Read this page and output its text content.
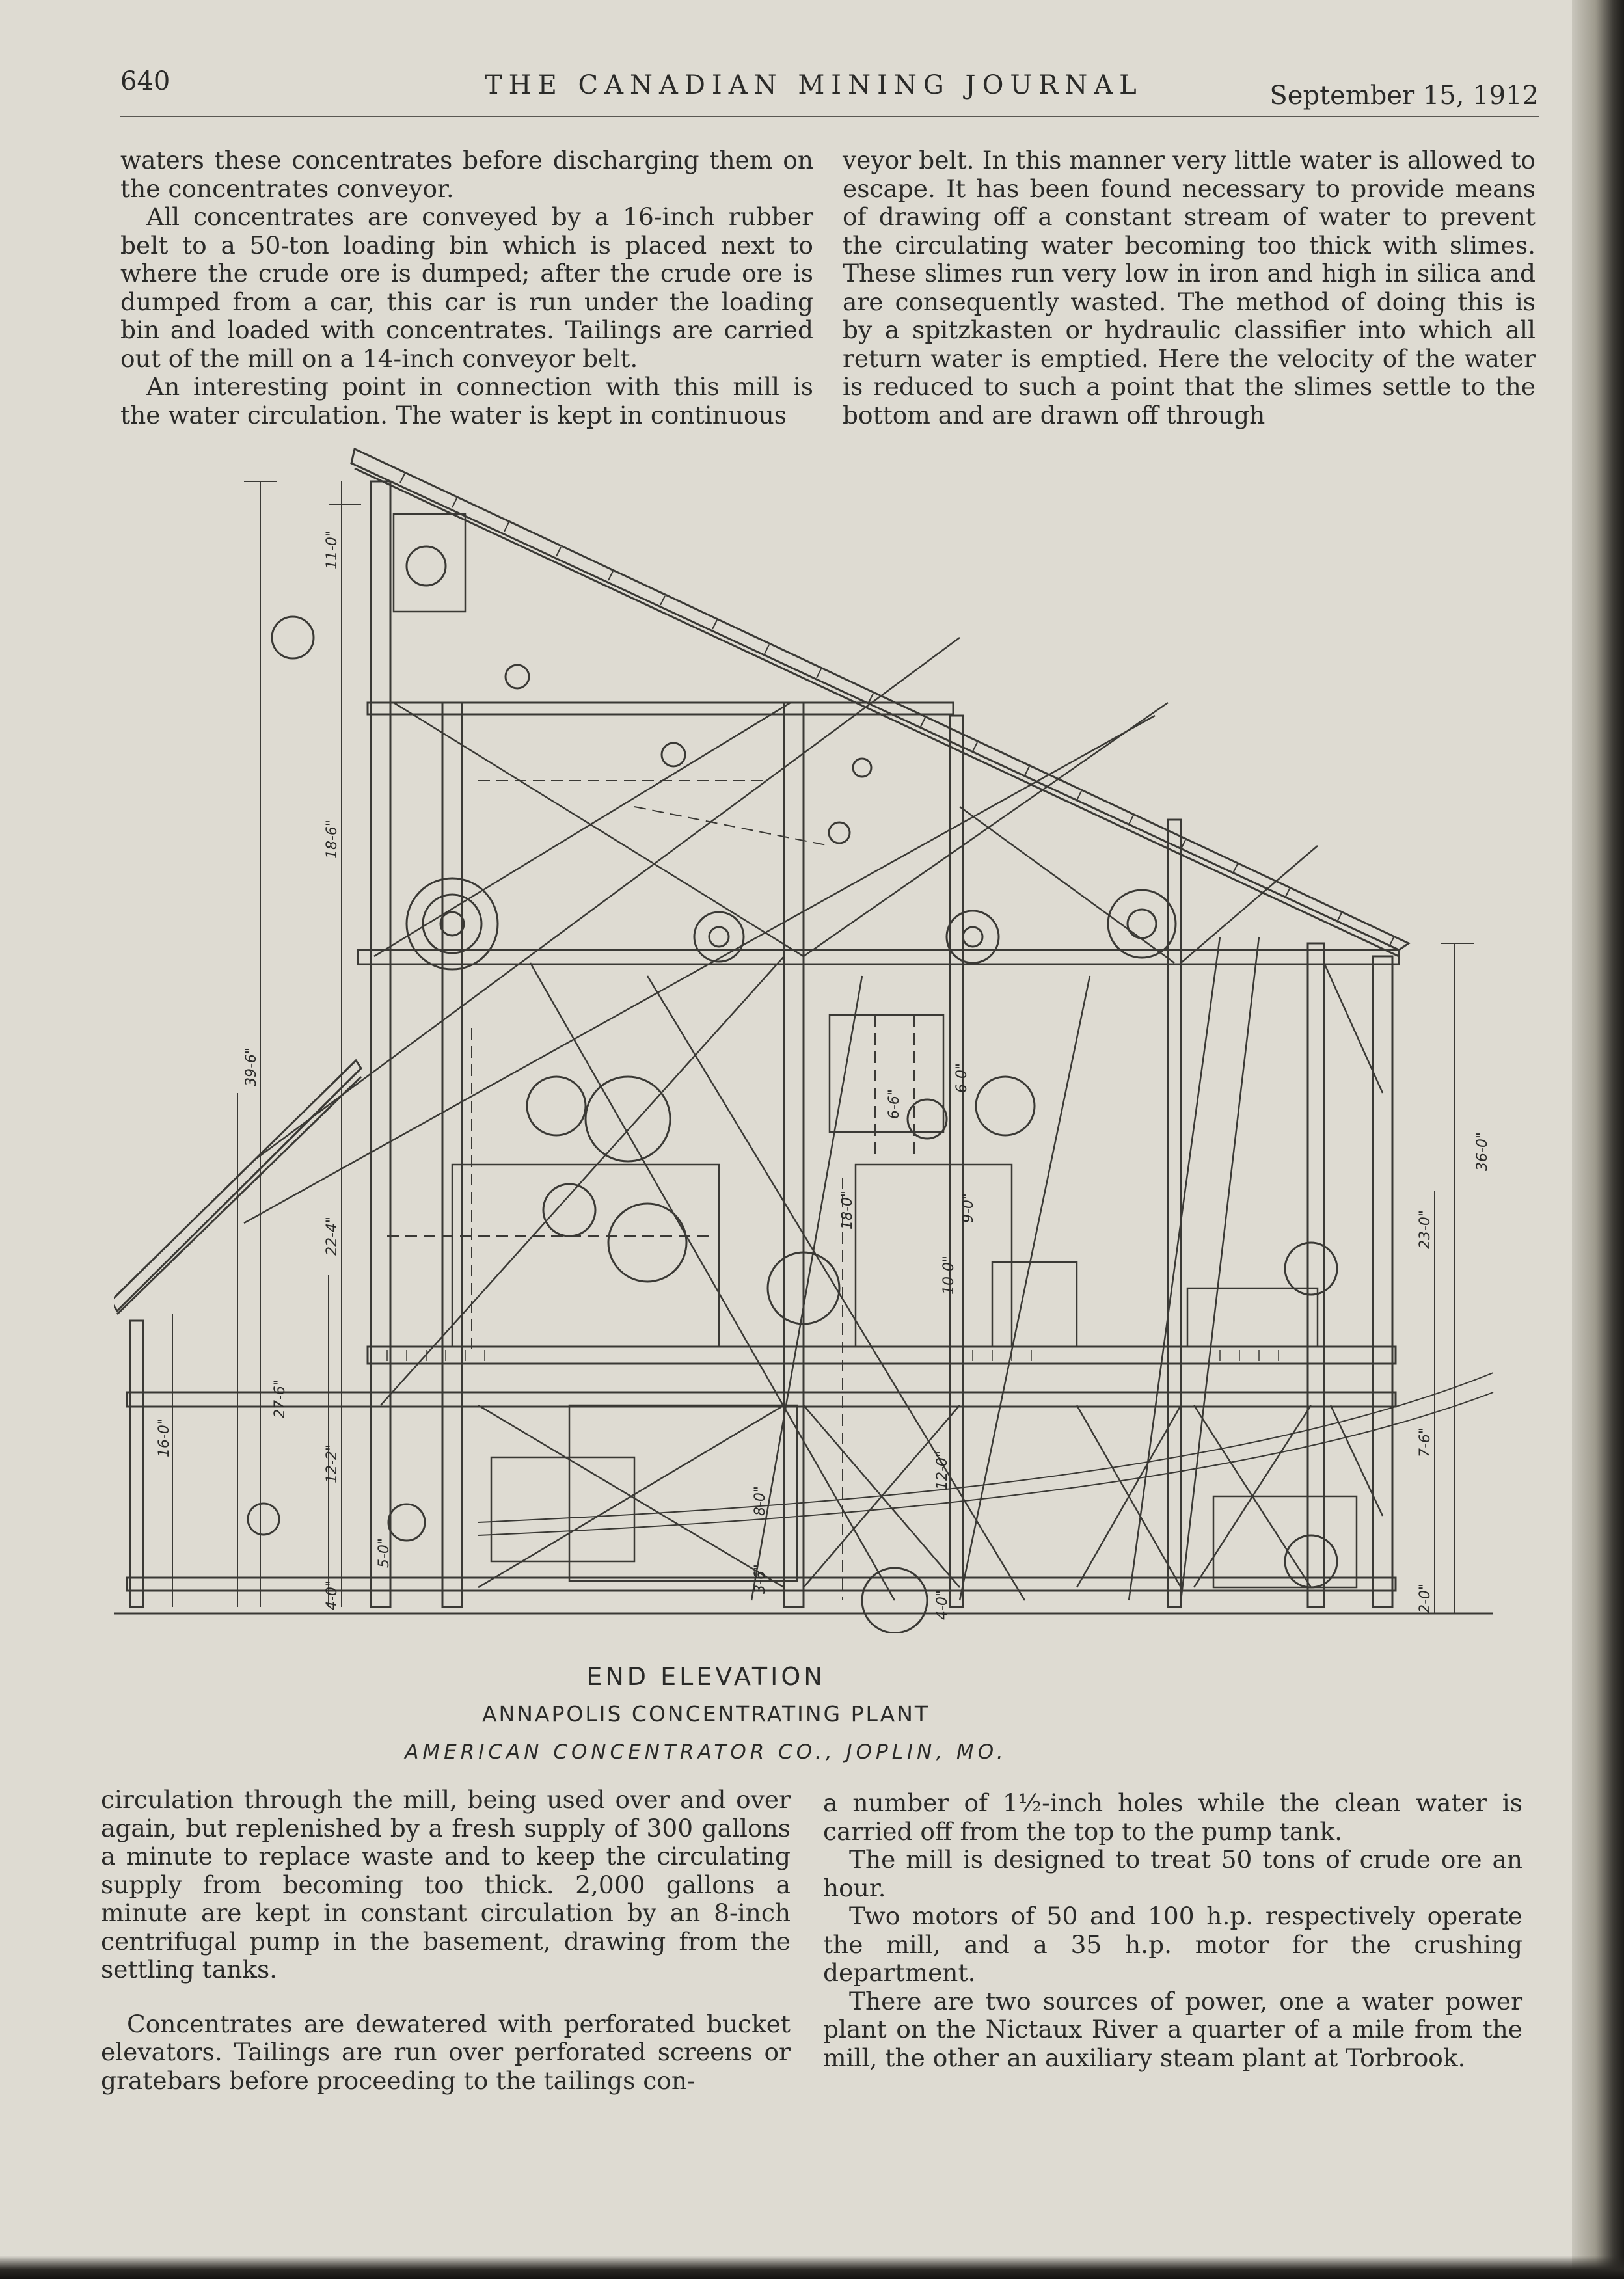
640	THE CANADIAN MINING JOURNAL	September 15, 1912

waters these concentrates before discharging them on the concentrates conveyor.

All concentrates are conveyed by a 16-inch rubber belt to a 50-ton loading bin which is placed next to where the crude ore is dumped; after the crude ore is dumped from a car, this car is run under the loading bin and loaded with concentrates. Tailings are carried out of the mill on a 14-inch conveyor belt.

An interesting point in connection with this mill is the water circulation. The water is kept in continuous

veyor belt. In this manner very little water is allowed to escape. It has been found necessary to provide means of drawing off a constant stream of water to prevent the circulating water becoming too thick with slimes. These slimes run very low in iron and high in silica and are consequently wasted. The method of doing this is by a spitzkasten or hydraulic classifier into which all return water is emptied. Here the velocity of the water is reduced to such a point that the slimes settle to the bottom and are drawn off through

11-0"
18-6"
39-6"
22-4"
27-6"
16-0"
12-2"
5-0"
4-0"
36-0"
23-0"
7-6"
6-0"
18-0"
10-0"
6-6"
9-0"
12-0"
3-6"
4-0"
8-0"
2-0"
END ELEVATION
ANNAPOLIS CONCENTRATING PLANT
AMERICAN CONCENTRATOR CO., JOPLIN, MO.

circulation through the mill, being used over and over again, but replenished by a fresh supply of 300 gallons a minute to replace waste and to keep the circulating supply from becoming too thick. 2,000 gallons a minute are kept in constant circulation by an 8-inch centrifugal pump in the basement, drawing from the settling tanks.

Concentrates are dewatered with perforated bucket elevators. Tailings are run over perforated screens or gratebars before proceeding to the tailings con-

a number of 1½-inch holes while the clean water is carried off from the top to the pump tank.

The mill is designed to treat 50 tons of crude ore an hour.

Two motors of 50 and 100 h.p. respectively operate the mill, and a 35 h.p. motor for the crushing department.

There are two sources of power, one a water power plant on the Nictaux River a quarter of a mile from the mill, the other an auxiliary steam plant at Torbrook.
